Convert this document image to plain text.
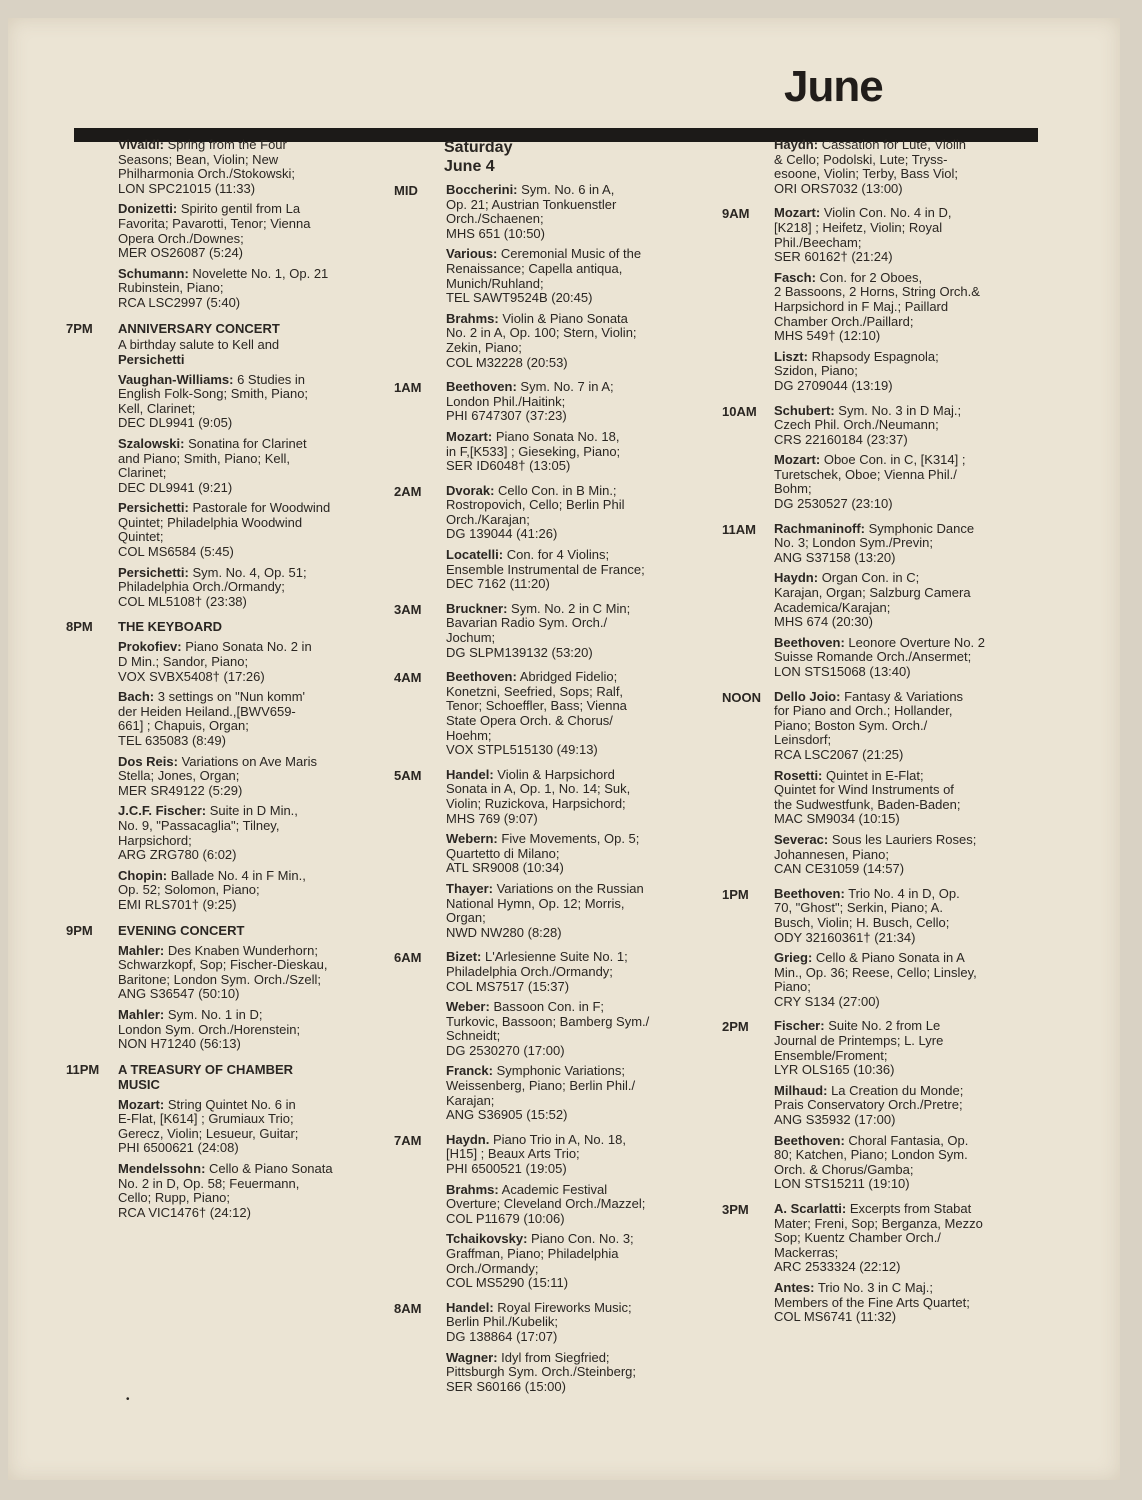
June
•
Vivaldi: Spring from the Four
Seasons; Bean, Violin; New
Philharmonia Orch./Stokowski;
LON SPC21015 (11:33)
Donizetti: Spirito gentil from La
Favorita; Pavarotti, Tenor; Vienna
Opera Orch./Downes;
MER OS26087 (5:24)
Schumann: Novelette No. 1, Op. 21
Rubinstein, Piano;
RCA LSC2997 (5:40)
7PM	ANNIVERSARY CONCERT
A birthday salute to Kell and
Persichetti
Vaughan-Williams: 6 Studies in
English Folk-Song; Smith, Piano;
Kell, Clarinet;
DEC DL9941 (9:05)
Szalowski: Sonatina for Clarinet
and Piano; Smith, Piano; Kell,
Clarinet;
DEC DL9941 (9:21)
Persichetti: Pastorale for Woodwind
Quintet; Philadelphia Woodwind
Quintet;
COL MS6584 (5:45)
Persichetti: Sym. No. 4, Op. 51;
Philadelphia Orch./Ormandy;
COL ML5108† (23:38)
8PM	THE KEYBOARD
Prokofiev: Piano Sonata No. 2 in
D Min.; Sandor, Piano;
VOX SVBX5408† (17:26)
Bach: 3 settings on "Nun komm'
der Heiden Heiland.,[BWV659-
661] ; Chapuis, Organ;
TEL 635083 (8:49)
Dos Reis: Variations on Ave Maris
Stella; Jones, Organ;
MER SR49122 (5:29)
J.C.F. Fischer: Suite in D Min.,
No. 9, "Passacaglia"; Tilney,
Harpsichord;
ARG ZRG780 (6:02)
Chopin: Ballade No. 4 in F Min.,
Op. 52; Solomon, Piano;
EMI RLS701† (9:25)
9PM	EVENING CONCERT
Mahler: Des Knaben Wunderhorn;
Schwarzkopf, Sop; Fischer-Dieskau,
Baritone; London Sym. Orch./Szell;
ANG S36547 (50:10)
Mahler: Sym. No. 1 in D;
London Sym. Orch./Horenstein;
NON H71240 (56:13)
11PM	A TREASURY OF CHAMBER
MUSIC
Mozart: String Quintet No. 6 in
E-Flat, [K614] ; Grumiaux Trio;
Gerecz, Violin; Lesueur, Guitar;
PHI 6500621 (24:08)
Mendelssohn: Cello & Piano Sonata
No. 2 in D, Op. 58; Feuermann,
Cello; Rupp, Piano;
RCA VIC1476† (24:12)
Saturday
June 4
MID	Boccherini: Sym. No. 6 in A,
Op. 21; Austrian Tonkuenstler
Orch./Schaenen;
MHS 651 (10:50)
Various: Ceremonial Music of the
Renaissance; Capella antiqua,
Munich/Ruhland;
TEL SAWT9524B (20:45)
Brahms: Violin & Piano Sonata
No. 2 in A, Op. 100; Stern, Violin;
Zekin, Piano;
COL M32228 (20:53)
1AM	Beethoven: Sym. No. 7 in A;
London Phil./Haitink;
PHI 6747307 (37:23)
Mozart: Piano Sonata No. 18,
in F,[K533] ; Gieseking, Piano;
SER ID6048† (13:05)
2AM	Dvorak: Cello Con. in B Min.;
Rostropovich, Cello; Berlin Phil
Orch./Karajan;
DG 139044 (41:26)
Locatelli: Con. for 4 Violins;
Ensemble Instrumental de France;
DEC 7162 (11:20)
3AM	Bruckner: Sym. No. 2 in C Min;
Bavarian Radio Sym. Orch./
Jochum;
DG SLPM139132 (53:20)
4AM	Beethoven: Abridged Fidelio;
Konetzni, Seefried, Sops; Ralf,
Tenor; Schoeffler, Bass; Vienna
State Opera Orch. & Chorus/
Hoehm;
VOX STPL515130 (49:13)
5AM	Handel: Violin & Harpsichord
Sonata in A, Op. 1, No. 14; Suk,
Violin; Ruzickova, Harpsichord;
MHS 769 (9:07)
Webern: Five Movements, Op. 5;
Quartetto di Milano;
ATL SR9008 (10:34)
Thayer: Variations on the Russian
National Hymn, Op. 12; Morris,
Organ;
NWD NW280 (8:28)
6AM	Bizet: L'Arlesienne Suite No. 1;
Philadelphia Orch./Ormandy;
COL MS7517 (15:37)
Weber: Bassoon Con. in F;
Turkovic, Bassoon; Bamberg Sym./
Schneidt;
DG 2530270 (17:00)
Franck: Symphonic Variations;
Weissenberg, Piano; Berlin Phil./
Karajan;
ANG S36905 (15:52)
7AM	Haydn. Piano Trio in A, No. 18,
[H15] ; Beaux Arts Trio;
PHI 6500521 (19:05)
Brahms: Academic Festival
Overture; Cleveland Orch./Mazzel;
COL P11679 (10:06)
Tchaikovsky: Piano Con. No. 3;
Graffman, Piano; Philadelphia
Orch./Ormandy;
COL MS5290 (15:11)
8AM	Handel: Royal Fireworks Music;
Berlin Phil./Kubelik;
DG 138864 (17:07)
Wagner: Idyl from Siegfried;
Pittsburgh Sym. Orch./Steinberg;
SER S60166 (15:00)
Haydn: Cassation for Lute, Violin
& Cello; Podolski, Lute; Tryss-
esoone, Violin; Terby, Bass Viol;
ORI ORS7032 (13:00)
9AM	Mozart: Violin Con. No. 4 in D,
[K218] ; Heifetz, Violin; Royal
Phil./Beecham;
SER 60162† (21:24)
Fasch: Con. for 2 Oboes,
2 Bassoons, 2 Horns, String Orch.&
Harpsichord in F Maj.; Paillard
Chamber Orch./Paillard;
MHS 549† (12:10)
Liszt: Rhapsody Espagnola;
Szidon, Piano;
DG 2709044 (13:19)
10AM	Schubert: Sym. No. 3 in D Maj.;
Czech Phil. Orch./Neumann;
CRS 22160184 (23:37)
Mozart: Oboe Con. in C, [K314] ;
Turetschek, Oboe; Vienna Phil./
Bohm;
DG 2530527 (23:10)
11AM	Rachmaninoff: Symphonic Dance
No. 3; London Sym./Previn;
ANG S37158 (13:20)
Haydn: Organ Con. in C;
Karajan, Organ; Salzburg Camera
Academica/Karajan;
MHS 674 (20:30)
Beethoven: Leonore Overture No. 2
Suisse Romande Orch./Ansermet;
LON STS15068 (13:40)
NOON	Dello Joio: Fantasy & Variations
for Piano and Orch.; Hollander,
Piano; Boston Sym. Orch./
Leinsdorf;
RCA LSC2067 (21:25)
Rosetti: Quintet in E-Flat;
Quintet for Wind Instruments of
the Sudwestfunk, Baden-Baden;
MAC SM9034 (10:15)
Severac: Sous les Lauriers Roses;
Johannesen, Piano;
CAN CE31059 (14:57)
1PM	Beethoven: Trio No. 4 in D, Op.
70, "Ghost"; Serkin, Piano; A.
Busch, Violin; H. Busch, Cello;
ODY 32160361† (21:34)
Grieg: Cello & Piano Sonata in A
Min., Op. 36; Reese, Cello; Linsley,
Piano;
CRY S134 (27:00)
2PM	Fischer: Suite No. 2 from Le
Journal de Printemps; L. Lyre
Ensemble/Froment;
LYR OLS165 (10:36)
Milhaud: La Creation du Monde;
Prais Conservatory Orch./Pretre;
ANG S35932 (17:00)
Beethoven: Choral Fantasia, Op.
80; Katchen, Piano; London Sym.
Orch. & Chorus/Gamba;
LON STS15211 (19:10)
3PM	A. Scarlatti: Excerpts from Stabat
Mater; Freni, Sop; Berganza, Mezzo
Sop; Kuentz Chamber Orch./
Mackerras;
ARC 2533324 (22:12)
Antes: Trio No. 3 in C Maj.;
Members of the Fine Arts Quartet;
COL MS6741 (11:32)
